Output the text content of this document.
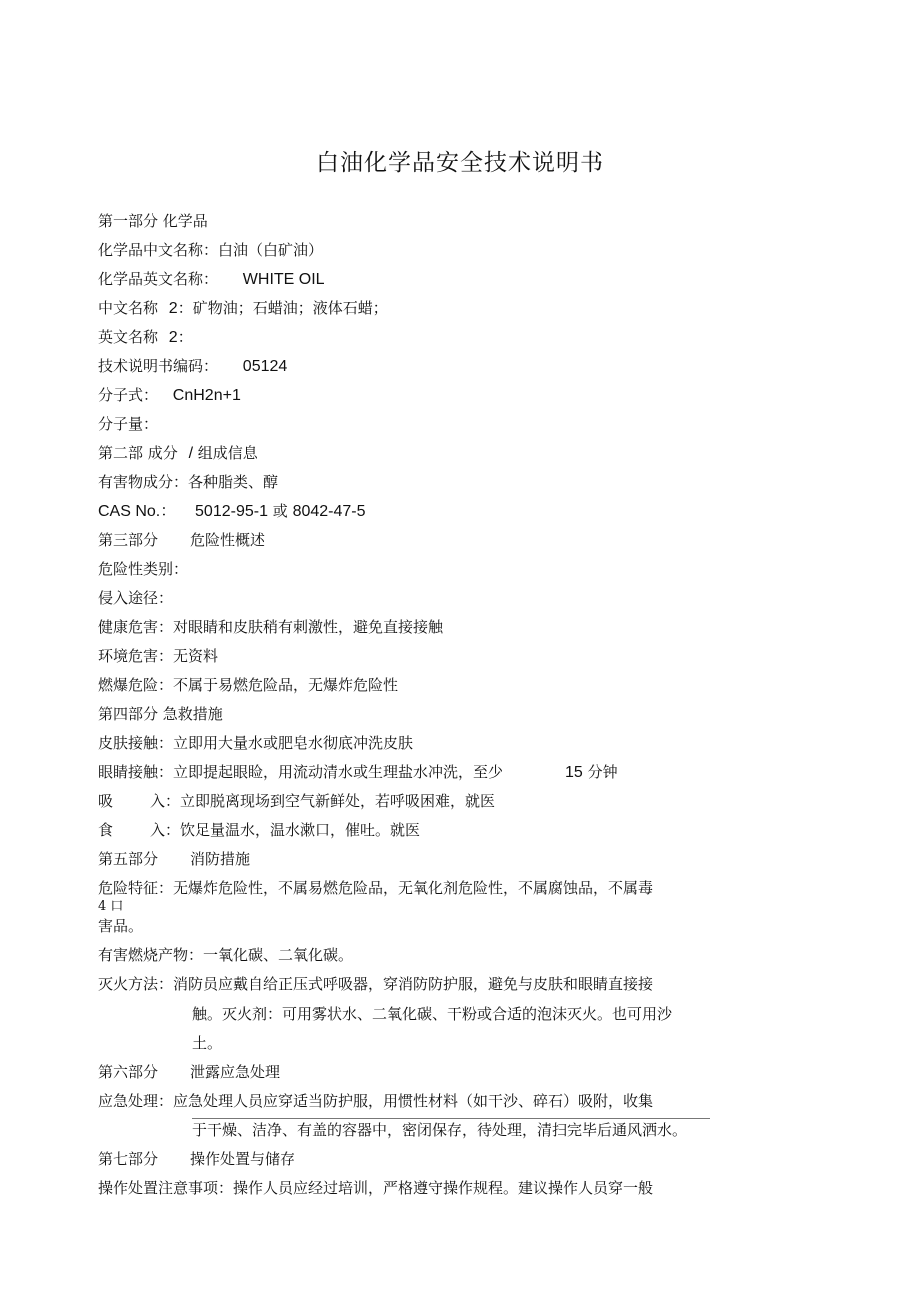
白油化学品安全技术说明书
第一部分 化学品
化学品中文名称：白油（白矿油）
化学品英文名称： WHITE OIL
中文名称 2：矿物油；石蜡油；液体石蜡；
英文名称 2：
技术说明书编码： 05124
分子式： CnH2n+1
分子量：
第二部 成分 / 组成信息
有害物成分：各种脂类、醇
CAS No.： 5012-95-1 或 8042-47-5
第三部分 危险性概述
危险性类别：
侵入途径：
健康危害：对眼睛和皮肤稍有刺激性，避免直接接触
环境危害：无资料
燃爆危险：不属于易燃危险品，无爆炸危险性
第四部分 急救措施
皮肤接触：立即用大量水或肥皂水彻底冲洗皮肤
眼睛接触：立即提起眼睑，用流动清水或生理盐水冲洗，至少	15 分钟
吸 入：立即脱离现场到空气新鲜处，若呼吸困难，就医
食 入：饮足量温水，温水漱口，催吐。就医
第五部分 消防措施
危险特征：无爆炸危险性，不属易燃危险品，无氧化剂危险性，不属腐蚀品，不属毒
4 口
害品。
有害燃烧产物：一氧化碳、二氧化碳。
灭火方法：消防员应戴自给正压式呼吸器，穿消防防护服，避免与皮肤和眼睛直接接
触。灭火剂：可用雾状水、二氧化碳、干粉或合适的泡沫灭火。也可用沙
土。
第六部分 泄露应急处理
应急处理：应急处理人员应穿适当防护服，用惯性材料（如干沙、碎石）吸附，收集
于干燥、洁净、有盖的容器中，密闭保存，待处理，清扫完毕后通风洒水。
第七部分 操作处置与储存
操作处置注意事项：操作人员应经过培训，严格遵守操作规程。建议操作人员穿一般
